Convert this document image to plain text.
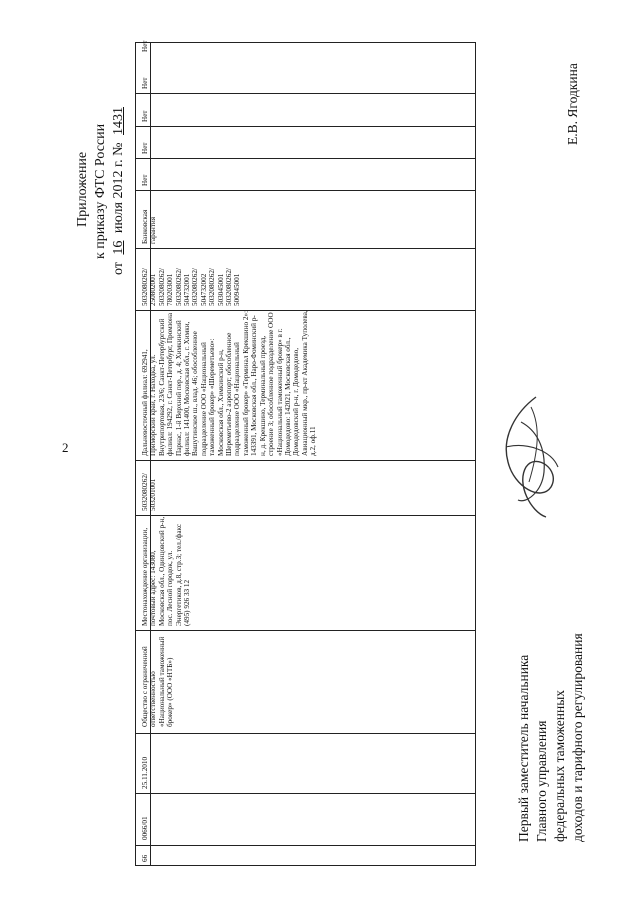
2
Приложение к приказу ФТС России
от 16 июля 2012 г. № 1431
66
0066/01
25.11.2010
Общество с ограниченной ответственностью «Национальный таможенный брокер» (ООО «НТБ»)
Местонахождение организации, почтовый адрес: 143080, Московская обл., Одинцовский р-н, пос. Лесной городок, ул. Энергетиков, д.8, стр.3; тел./факс (495) 926 33 12
5032080262/ 503201001
Дальневосточный филиал: 692941, Приморский край, г. Находка, ул. Внутрипортовая, 23/6; Санкт-Петербургский филиал: 194292, г. Санкт-Петербург, Промзона Парнас, 1-й Верхний пер., д. 4; Химкинский филиал: 141400, Московская обл., г. Химки, Вашутинское ш., влад. 46; обособленное подразделение ООО «Национальный таможенный брокер» «Шереметьево»: Московская обл., Химкинский р-н, Шереметьево-2 аэропорт; обособленное подразделение ООО «Национальный таможенный брокер» «Терминал Крекшино 2»: 143391, Московская обл., Наро-Фоминский р-н, д. Крекшино, Терминальный проезд, строение 3; обособленное подразделение ООО «Национальный таможенный брокер» в г. Домодедово: 142021, Московская обл., Домодедовский р-н, г. Домодедово, Авиационный мкр., пр-кт Академика Туполева, д.2, оф.11
5032080262/ 250802001 5032080262/ 780203001 5032080262/ 504732001 5032080262/ 504732002 5032080262/ 503045001 5032080262/ 500945001
Банковская гарантия
Нет
Нет
Нет
Нет
Нет
Первый заместитель начальника Главного управления федеральных таможенных доходов и тарифного регулирования
Е.В. Ягодкина
